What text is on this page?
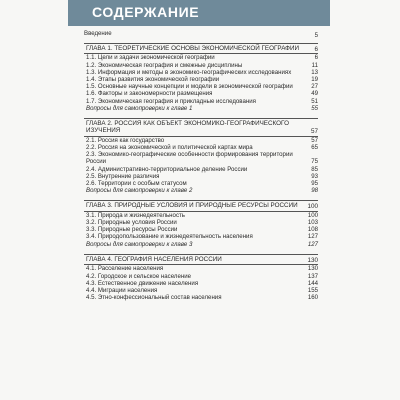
СОДЕРЖАНИЕ
Введение	5
ГЛАВА 1. ТЕОРЕТИЧЕСКИЕ ОСНОВЫ ЭКОНОМИЧЕСКОЙ ГЕОГРАФИИ	6
1.1. Цели и задачи экономической географии	6
1.2. Экономическая география и смежные дисциплины	11
1.3. Информация и методы в экономико-географических исследованиях	13
1.4. Этапы развития экономической географии	19
1.5. Основные научные концепции и модели в экономической географии	27
1.6. Факторы и закономерности размещения	49
1.7. Экономическая география и прикладные исследования	51
Вопросы для самопроверки к главе 1	55
ГЛАВА 2. РОССИЯ КАК ОБЪЕКТ ЭКОНОМИКО-ГЕОГРАФИЧЕСКОГО ИЗУЧЕНИЯ	57
2.1. Россия как государство	57
2.2. Россия на экономической и политической картах мира	65
2.3. Экономико-географические особенности формирования территории России	75
2.4. Административно-территориальное деление России	85
2.5. Внутренние различия	93
2.6. Территории с особым статусом	95
Вопросы для самопроверки к главе 2	98
ГЛАВА 3. ПРИРОДНЫЕ УСЛОВИЯ И ПРИРОДНЫЕ РЕСУРСЫ РОССИИ	100
3.1. Природа и жизнедеятельность	100
3.2. Природные условия России	103
3.3. Природные ресурсы России	108
3.4. Природопользование и жизнедеятельность населения	127
Вопросы для самопроверки к главе 3	127
ГЛАВА 4. ГЕОГРАФИЯ НАСЕЛЕНИЯ РОССИИ	130
4.1. Расселение населения	130
4.2. Городское и сельское население	137
4.3. Естественное движение населения	144
4.4. Миграции населения	155
4.5. Этно-конфессиональный состав населения	160
